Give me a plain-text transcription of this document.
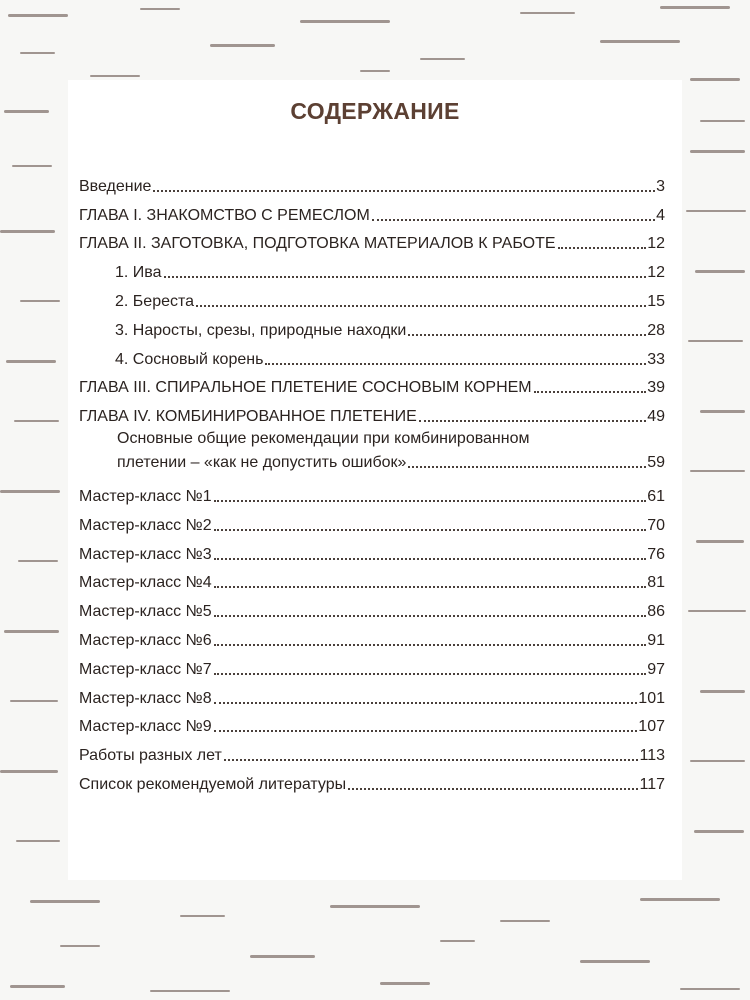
СОДЕРЖАНИЕ
Введение	3
ГЛАВА I. ЗНАКОМСТВО С РЕМЕСЛОМ	4
ГЛАВА II. ЗАГОТОВКА, ПОДГОТОВКА МАТЕРИАЛОВ К РАБОТЕ	12
1. Ива	12
2. Береста	15
3. Наросты, срезы, природные находки	28
4. Сосновый корень	33
ГЛАВА III. СПИРАЛЬНОЕ ПЛЕТЕНИЕ СОСНОВЫМ КОРНЕМ	39
ГЛАВА IV. КОМБИНИРОВАННОЕ ПЛЕТЕНИЕ	49
Основные общие рекомендации при комбинированном
плетении – «как не допустить ошибок»	59
Мастер-класс №1	61
Мастер-класс №2	70
Мастер-класс №3	76
Мастер-класс №4	81
Мастер-класс №5	86
Мастер-класс №6	91
Мастер-класс №7	97
Мастер-класс №8	101
Мастер-класс №9	107
Работы разных лет	113
Список рекомендуемой литературы	117
